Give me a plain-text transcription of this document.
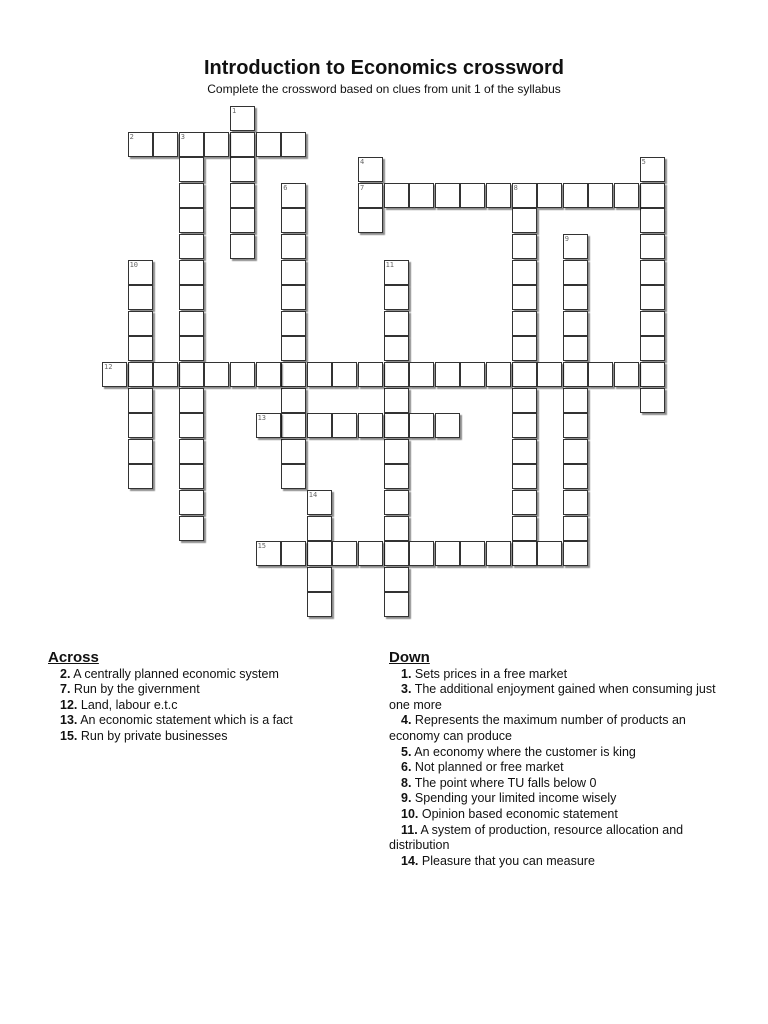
Introduction to Economics crossword
Complete the crossword based on clues from unit 1 of the syllabus
1
2	3
4
7
5
6	8
9
10	11
12
13
14
15
Across
2. A centrally planned economic system
7. Run by the givernment
12. Land, labour e.t.c
13. An economic statement which is a fact
15. Run by private businesses
Down
1. Sets prices in a free market
3. The additional enjoyment gained when consuming just one more
4. Represents the maximum number of products an economy can produce
5. An economy where the customer is king
6. Not planned or free market
8. The point where TU falls below 0
9. Spending your limited income wisely
10. Opinion based economic statement
11. A system of production, resource allocation and distribution
14. Pleasure that you can measure
